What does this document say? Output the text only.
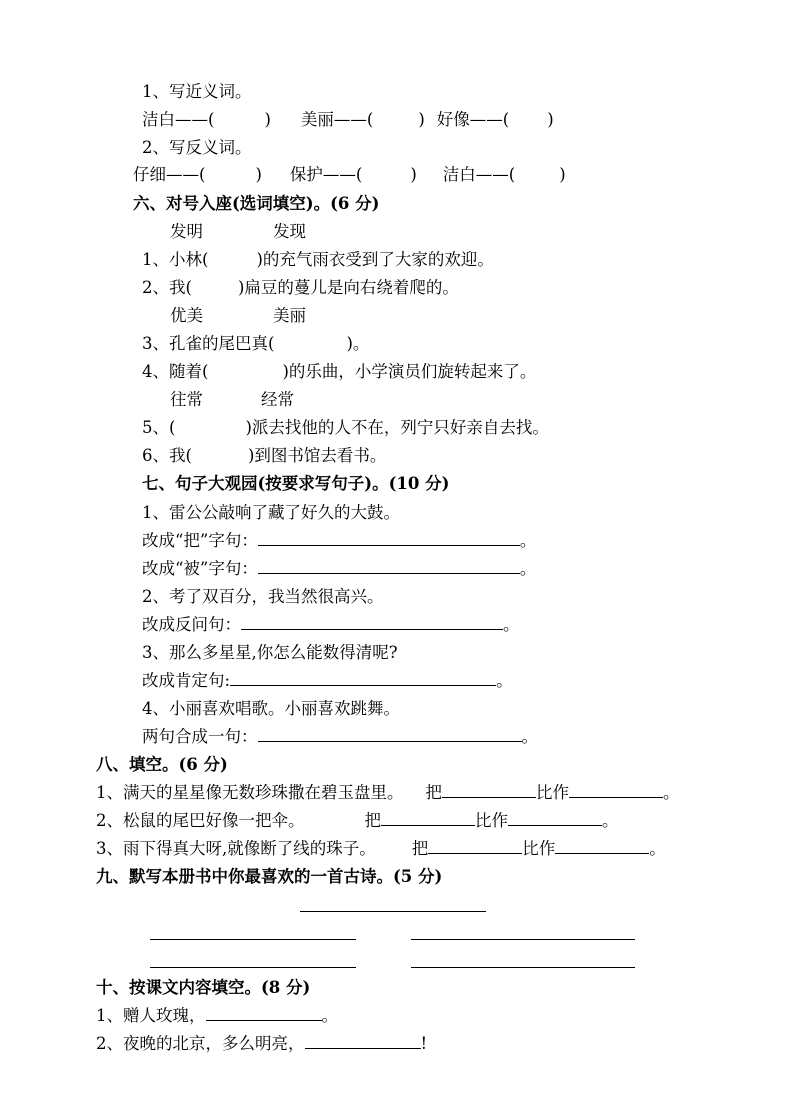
1、写近义词。
洁白——(	) 美丽——(	) 好像——( )
2、写反义词。
仔细——(	) 保护——(	) 洁白——(	)
六、对号入座(选词填空)。(6 分)
发明	发现
1、小林(	)的充气雨衣受到了大家的欢迎。
2、我(	)扁豆的蔓儿是向右绕着爬的。
优美	美丽
3、孔雀的尾巴真(	)。
4、随着(	)的乐曲，小学演员们旋转起来了。
往常	经常
5、(	)派去找他的人不在，列宁只好亲自去找。
6、我(	)到图书馆去看书。
七、句子大观园(按要求写句子)。(10 分)
1、雷公公敲响了藏了好久的大鼓。
改成“把”字句：	。
改成“被”字句：	。
2、考了双百分，我当然很高兴。
改成反问句：	。
3、那么多星星,你怎么能数得清呢?
改成肯定句:	。
4、小丽喜欢唱歌。小丽喜欢跳舞。
两句合成一句：	。
八、填空。(6 分)
1、满天的星星像无数珍珠撒在碧玉盘里。 把	比作	。
2、松鼠的尾巴好像一把伞。	把	比作	。
3、雨下得真大呀,就像断了线的珠子。 把	比作	。
九、默写本册书中你最喜欢的一首古诗。(5 分)
十、按课文内容填空。(8 分)
1、赠人玫瑰，	。
2、夜晚的北京，多么明亮，	!
